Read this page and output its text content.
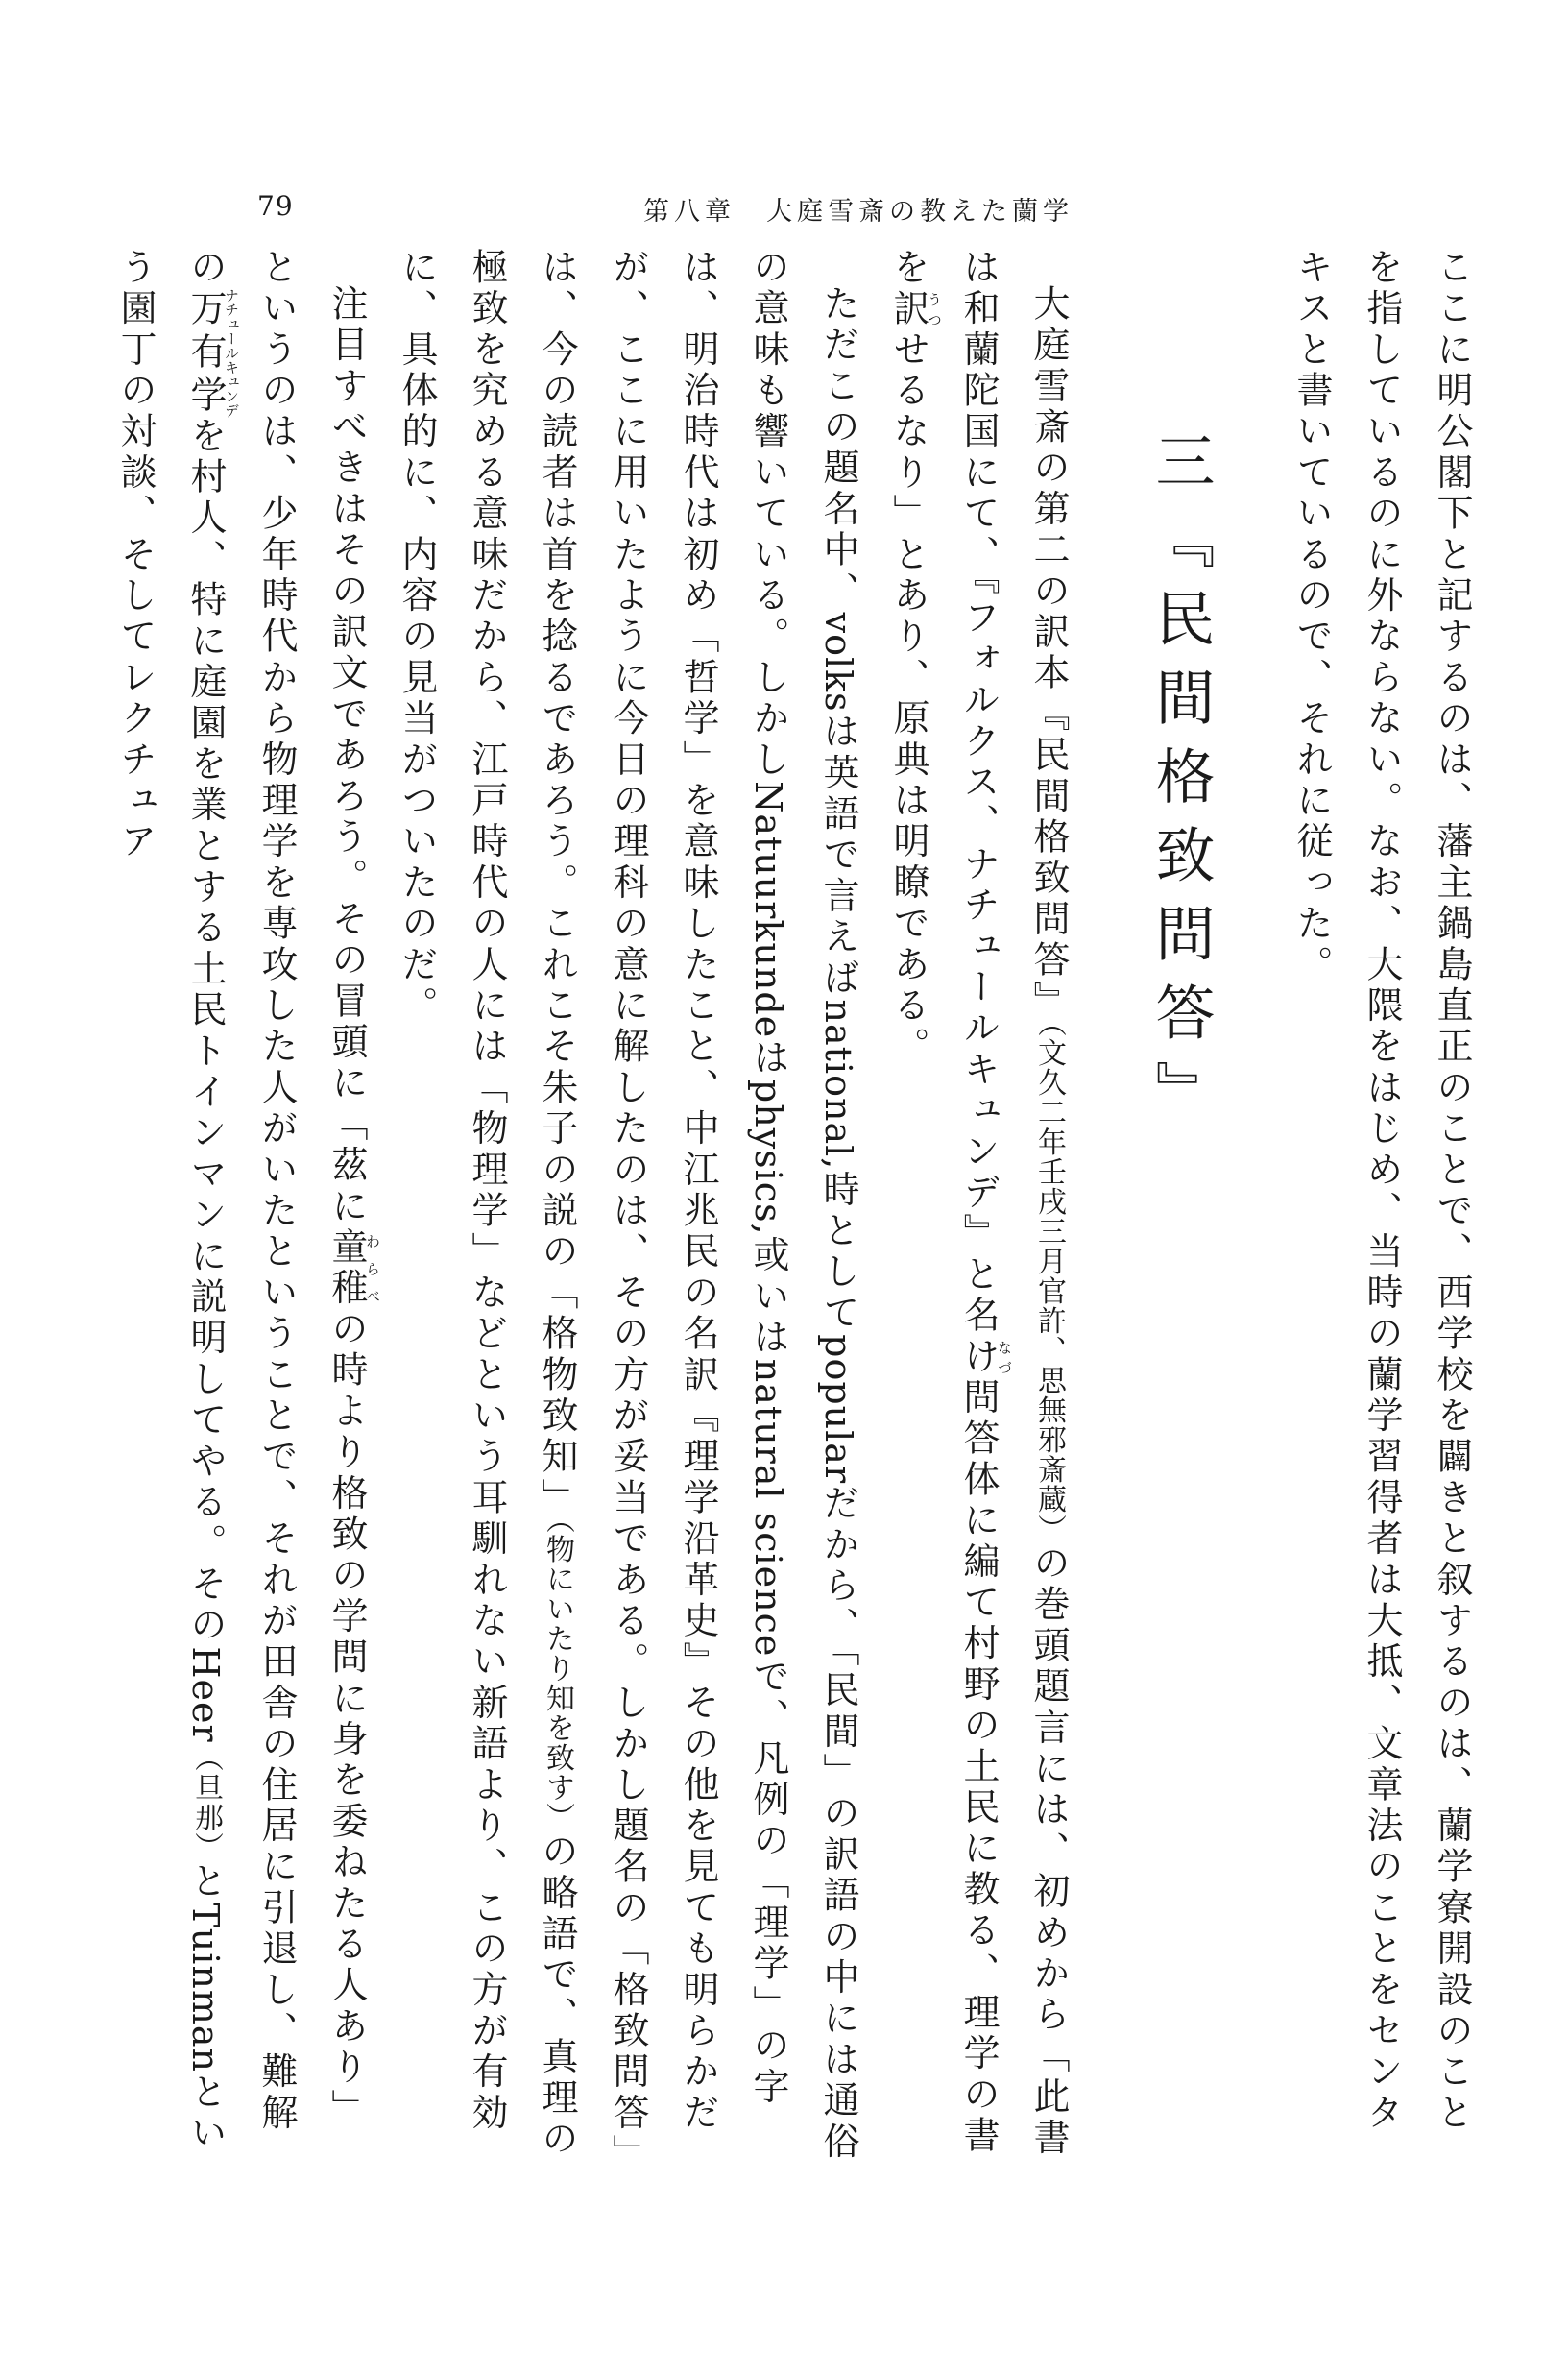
79	第八章　大庭雪斎の教えた蘭学

ここに明公閣下と記するのは、藩主鍋島直正のことで、西学校を闢きと叙するのは、蘭学寮開設のことを指しているのに外ならない。なお、大隈をはじめ、当時の蘭学習得者は大抵、文章法のことをセンタキスと書いているので、それに従った。

三『民間格致問答』

大庭雪斎の第二の訳本『民間格致問答』（文久二年壬戌三月官許、思無邪斎蔵）の巻頭題言には、初めから「此書は和蘭陀国にて、『フォルクス、ナチュールキュンデ』と名けなづ問答体に編て村野の土民に教る、理学の書を訳うつせるなり」とあり、原典は明瞭である。

ただこの題名中、volksは英語で言えばnational,時としてpopularだから、「民間」の訳語の中には通俗の意味も響いている。しかしNatuurkundeはphysics,或いはnatural scienceで、凡例の「理学」の字は、明治時代は初め「哲学」を意味したこと、中江兆民の名訳『理学沿革史』その他を見ても明らかだが、ここに用いたように今日の理科の意に解したのは、その方が妥当である。しかし題名の「格致問答」は、今の読者は首を捻るであろう。これこそ朱子の説の「格物致知」（物にいたり知を致す）の略語で、真理の極致を究める意味だから、江戸時代の人には「物理学」などという耳馴れない新語より、この方が有効に、具体的に、内容の見当がついたのだ。

注目すべきはその訳文であろう。その冒頭に「茲に童稚わらべの時より格致の学問に身を委ねたる人あり」というのは、少年時代から物理学を専攻した人がいたということで、それが田舎の住居に引退し、難解の万有学ナチュールキュンデを村人、特に庭園を業とする土民トインマンに説明してやる。そのHeer（旦那）とTuinmanという園丁の対談、そしてレクチュア
